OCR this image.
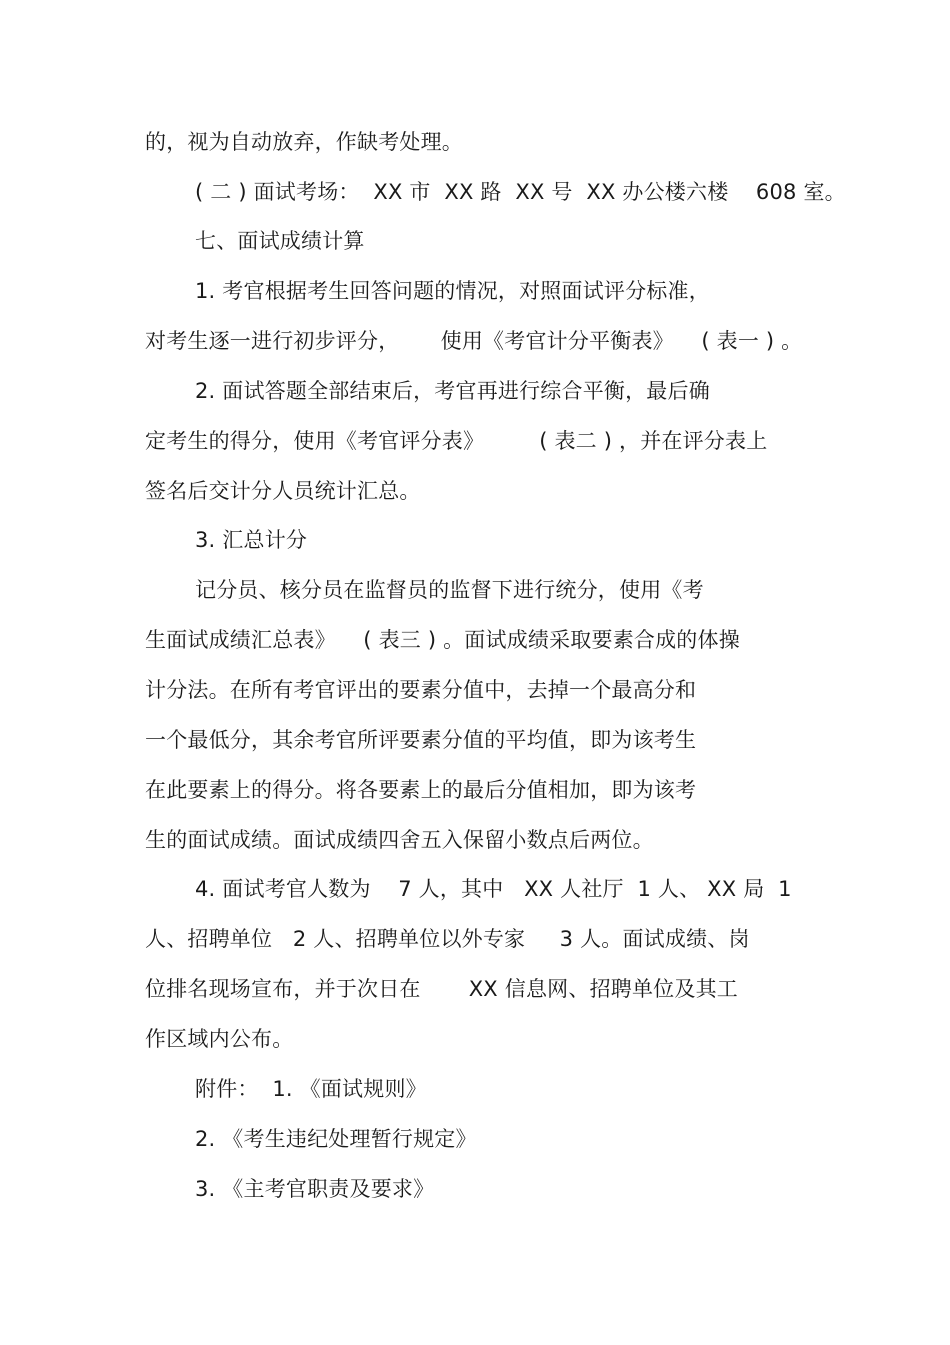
的，视为自动放弃，作缺考处理。
( 二 ) 面试考场：  XX 市  XX 路  XX 号  XX 办公楼六楼    608 室。
七、面试成绩计算
1. 考官根据考生回答问题的情况，对照面试评分标准，
对考生逐一进行初步评分，      使用《考官计分平衡表》    ( 表一 ) 。
2. 面试答题全部结束后，考官再进行综合平衡，最后确
定考生的得分，使用《考官评分表》        ( 表二 ) ，并在评分表上
签名后交计分人员统计汇总。
3. 汇总计分
记分员、核分员在监督员的监督下进行统分，使用《考
生面试成绩汇总表》    ( 表三 ) 。面试成绩采取要素合成的体操
计分法。在所有考官评出的要素分值中，去掉一个最高分和
一个最低分，其余考官所评要素分值的平均值，即为该考生
在此要素上的得分。将各要素上的最后分值相加，即为该考
生的面试成绩。面试成绩四舍五入保留小数点后两位。
4. 面试考官人数为    7 人，其中   XX 人社厅  1 人、 XX 局  1
人、招聘单位   2 人、招聘单位以外专家     3 人。面试成绩、岗
位排名现场宣布，并于次日在       XX 信息网、招聘单位及其工
作区域内公布。
附件：  1. 《面试规则》
2. 《考生违纪处理暂行规定》
3. 《主考官职责及要求》
